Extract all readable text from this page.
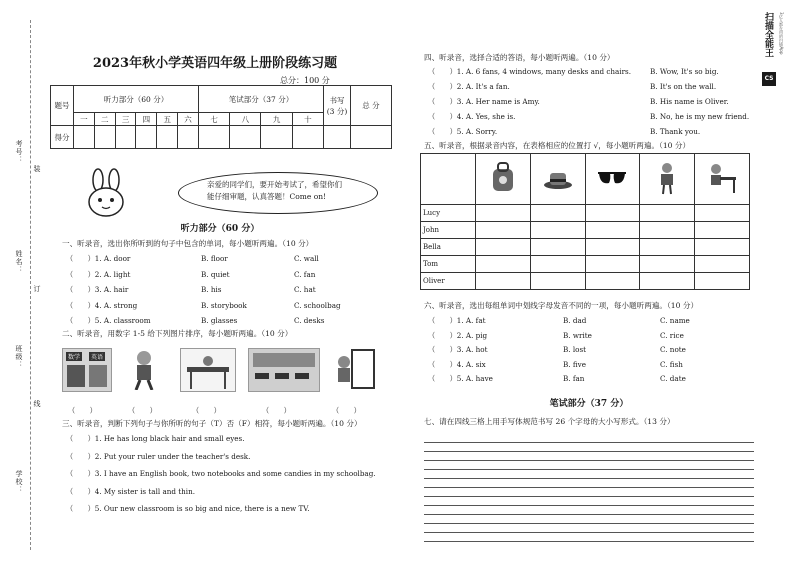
考号：
装
姓名：
订
班级：
线
学校：
2023年秋小学英语四年级上册阶段练习题
总分：100 分
题号	听力部分（60 分）						笔试部分（37 分）				书写
(3 分)	总 分
	一	二	三	四	五	六	七	八	九	十		
得分												
亲爱的同学们，要开始考试了，希望你们
能仔细审题，认真答题！Come on!
听力部分（60 分）
一、听录音，选出你所听到的句子中包含的单词，每小题听两遍。（10 分）
（　　）1. A. door	B. floor	C. wall
（　　）2. A. light	B. quiet	C. fan
（　　）3. A. hair	B. his	C. hat
（　　）4. A. strong	B. storybook	C. schoolbag
（　　）5. A. classroom	B. glasses	C. desks
二、听录音，用数字 1-5 给下列图片排序，每小题听两遍。（10 分）
数学	英语
（　　）	（　　）	（　　）	（　　）	（　　）
三、听录音，判断下列句子与你所听的句子（T）否（F）相符，每小题听两遍。（10 分）
（　　）1. He has long black hair and small eyes.
（　　）2. Put your ruler under the teacher's desk.
（　　）3. I have an English book, two notebooks and some candies in my schoolbag.
（　　）4. My sister is tall and thin.
（　　）5. Our new classroom is so big and nice, there is a new TV.
四、听录音，选择合适的答语，每小题听两遍。（10 分）
（　　）1. A. 6 fans, 4 windows, many desks and chairs.	B. Wow, It's so big.
（　　）2. A. It's a fan.	B. It's on the wall.
（　　）3. A. Her name is Amy.	B. His name is Oliver.
（　　）4. A. Yes, she is.	B. No, he is my new friend.
（　　）5. A. Sorry.	B. Thank you.
五、听录音，根据录音内容，在表格相应的位置打 √，每小题听两遍。（10 分）

Lucy					
John					
Bella					
Tom					
Oliver					
六、听录音，选出每组单词中划线字母发音不同的一项，每小题听两遍。（10 分）
（　　）1. A. fat	B. dad	C. name
（　　）2. A. pig	B. write	C. rice
（　　）3. A. hot	B. lost	C. note
（　　）4. A. six	B. five	C. fish
（　　）5. A. have	B. fan	C. date
笔试部分（37 分）
七、请在四线三格上用手写体规范书写 26 个字母的大小写形式。（13 分）
CS
扫描全能王	3亿人都在用的扫描App
